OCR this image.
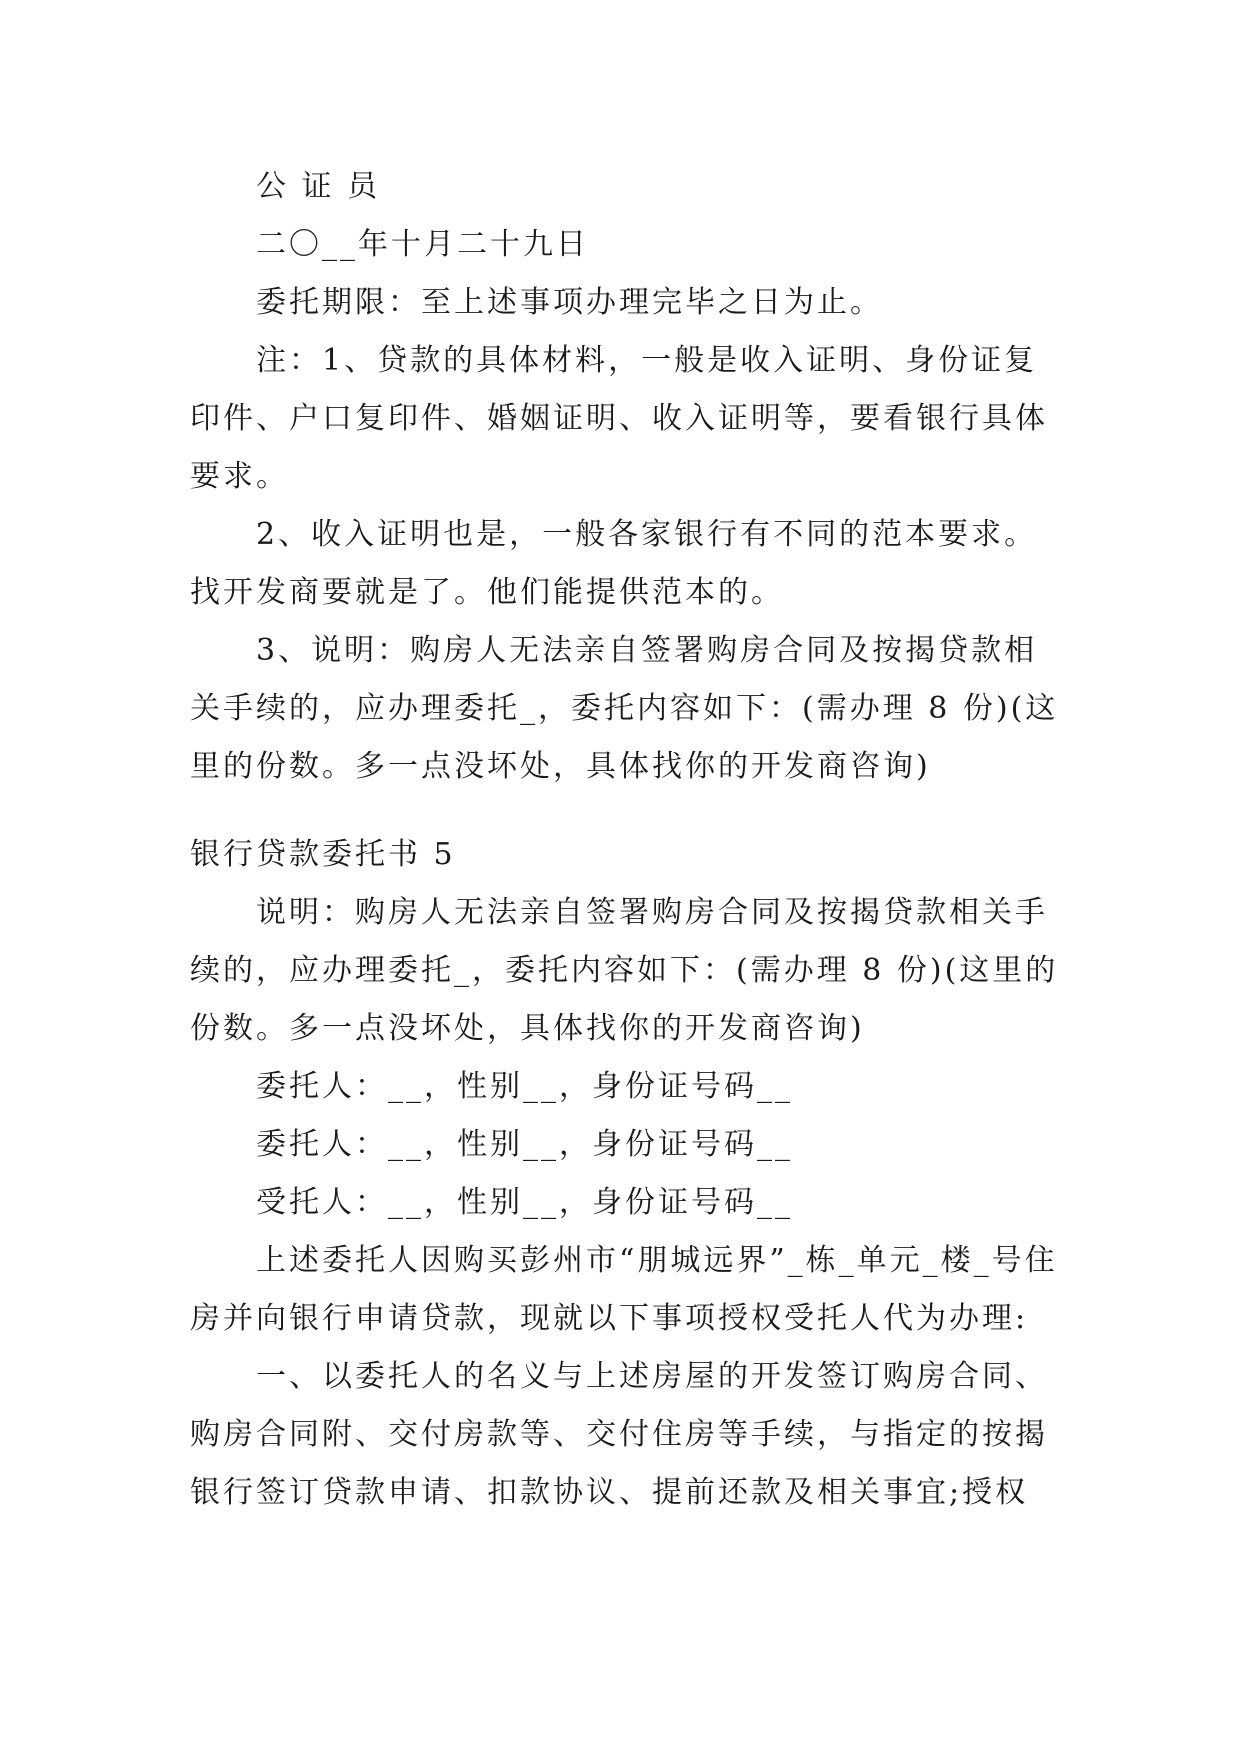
公 证 员

二〇__年十月二十九日

委托期限：至上述事项办理完毕之日为止。

注：1、贷款的具体材料，一般是收入证明、身份证复印件、户口复印件、婚姻证明、收入证明等，要看银行具体要求。

2、收入证明也是，一般各家银行有不同的范本要求。找开发商要就是了。他们能提供范本的。

3、说明：购房人无法亲自签署购房合同及按揭贷款相关手续的，应办理委托_，委托内容如下：(需办理 8 份)(这里的份数。多一点没坏处，具体找你的开发商咨询)

银行贷款委托书 5

说明：购房人无法亲自签署购房合同及按揭贷款相关手续的，应办理委托_，委托内容如下：(需办理 8 份)(这里的份数。多一点没坏处，具体找你的开发商咨询)

委托人：__，性别__，身份证号码__

委托人：__，性别__，身份证号码__

受托人：__，性别__，身份证号码__

上述委托人因购买彭州市“朋城远界”_栋_单元_楼_号住房并向银行申请贷款，现就以下事项授权受托人代为办理:

一、以委托人的名义与上述房屋的开发签订购房合同、购房合同附、交付房款等、交付住房等手续，与指定的按揭银行签订贷款申请、扣款协议、提前还款及相关事宜;授权
